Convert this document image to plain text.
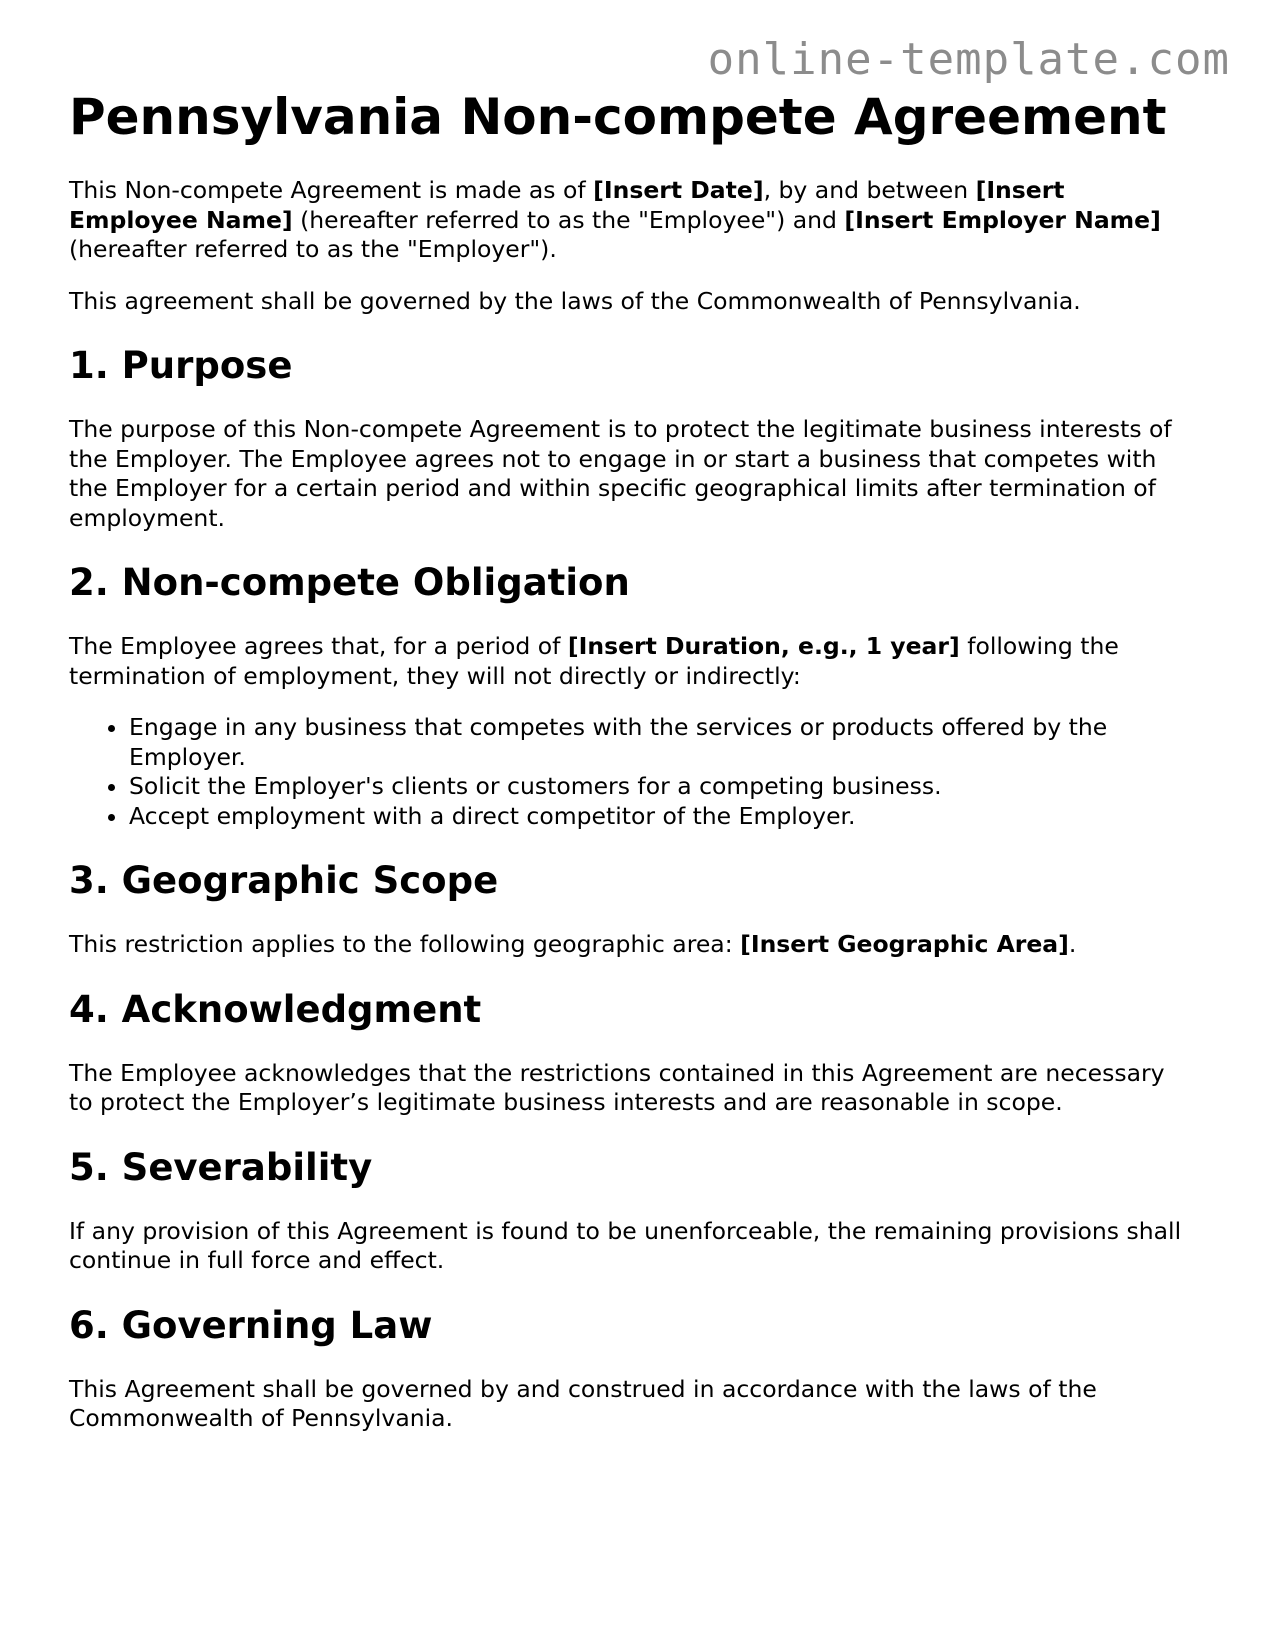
online-template.com
Pennsylvania Non-compete Agreement

This Non-compete Agreement is made as of [Insert Date], by and between [Insert Employee Name] (hereafter referred to as the "Employee") and [Insert Employer Name] (hereafter referred to as the "Employer").

This agreement shall be governed by the laws of the Commonwealth of Pennsylvania.

1. Purpose

The purpose of this Non-compete Agreement is to protect the legitimate business interests of the Employer. The Employee agrees not to engage in or start a business that competes with the Employer for a certain period and within specific geographical limits after termination of employment.

2. Non-compete Obligation

The Employee agrees that, for a period of [Insert Duration, e.g., 1 year] following the termination of employment, they will not directly or indirectly:

• Engage in any business that competes with the services or products offered by the Employer.
• Solicit the Employer's clients or customers for a competing business.
• Accept employment with a direct competitor of the Employer.
3. Geographic Scope

This restriction applies to the following geographic area: [Insert Geographic Area].

4. Acknowledgment

The Employee acknowledges that the restrictions contained in this Agreement are necessary to protect the Employer’s legitimate business interests and are reasonable in scope.

5. Severability

If any provision of this Agreement is found to be unenforceable, the remaining provisions shall continue in full force and effect.

6. Governing Law

This Agreement shall be governed by and construed in accordance with the laws of the Commonwealth of Pennsylvania.
